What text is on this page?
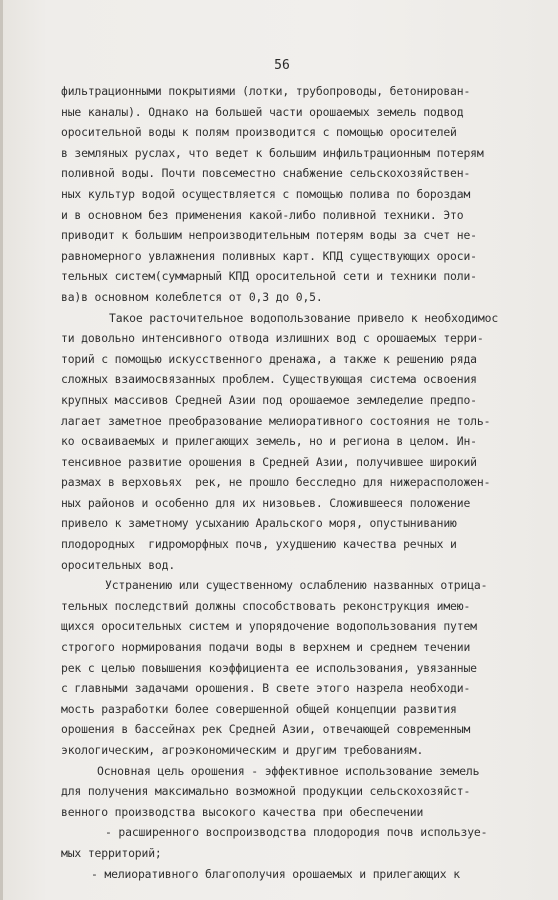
56
фильтрационными покрытиями (лотки, трубопроводы, бетонирован-
ные каналы). Однако на большей части орошаемых земель подвод
оросительной воды к полям производится с помощью оросителей
в земляных руслах, что ведет к большим инфильтрационным потерям
поливной воды. Почти повсеместно снабжение сельскохозяйствен-
ных культур водой осуществляется с помощью полива по бороздам
и в основном без применения какой-либо поливной техники. Это
приводит к большим непроизводительным потерям воды за счет не-
равномерного увлажнения поливных карт. КПД существующих ороси-
тельных систем(суммарный КПД оросительной сети и техники поли-
ва)в основном колеблется от 0,3 до 0,5.
Такое расточительное водопользование привело к необходимос
ти довольно интенсивного отвода излишних вод с орошаемых терри-
торий с помощью искусственного дренажа, а также к решению ряда
сложных взаимосвязанных проблем. Существующая система освоения
крупных массивов Средней Азии под орошаемое земледелие предпо-
лагает заметное преобразование мелиоративного состояния не толь-
ко осваиваемых и прилегающих земель, но и региона в целом. Ин-
тенсивное развитие орошения в Средней Азии, получившее широкий
размах в верховьях  рек, не прошло бесследно для нижерасположен-
ных районов и особенно для их низовьев. Сложившееся положение
привело к заметному усыханию Аральского моря, опустыниванию
плодородных  гидроморфных почв, ухудшению качества речных и
оросительных вод.
Устранению или существенному ослаблению названных отрица-
тельных последствий должны способствовать реконструкция имею-
щихся оросительных систем и упорядочение водопользования путем
строгого нормирования подачи воды в верхнем и среднем течении
рек с целью повышения коэффициента ее использования, увязанные
с главными задачами орошения. В свете этого назрела необходи-
мость разработки более совершенной общей концепции развития
орошения в бассейнах рек Средней Азии, отвечающей современным
экологическим, агроэкономическим и другим требованиям.
Основная цель орошения - эффективное использование земель
для получения максимально возможной продукции сельскохозяйст-
венного производства высокого качества при обеспечении
- расширенного воспроизводства плодородия почв используе-
мых территорий;
- мелиоративного благополучия орошаемых и прилегающих к
